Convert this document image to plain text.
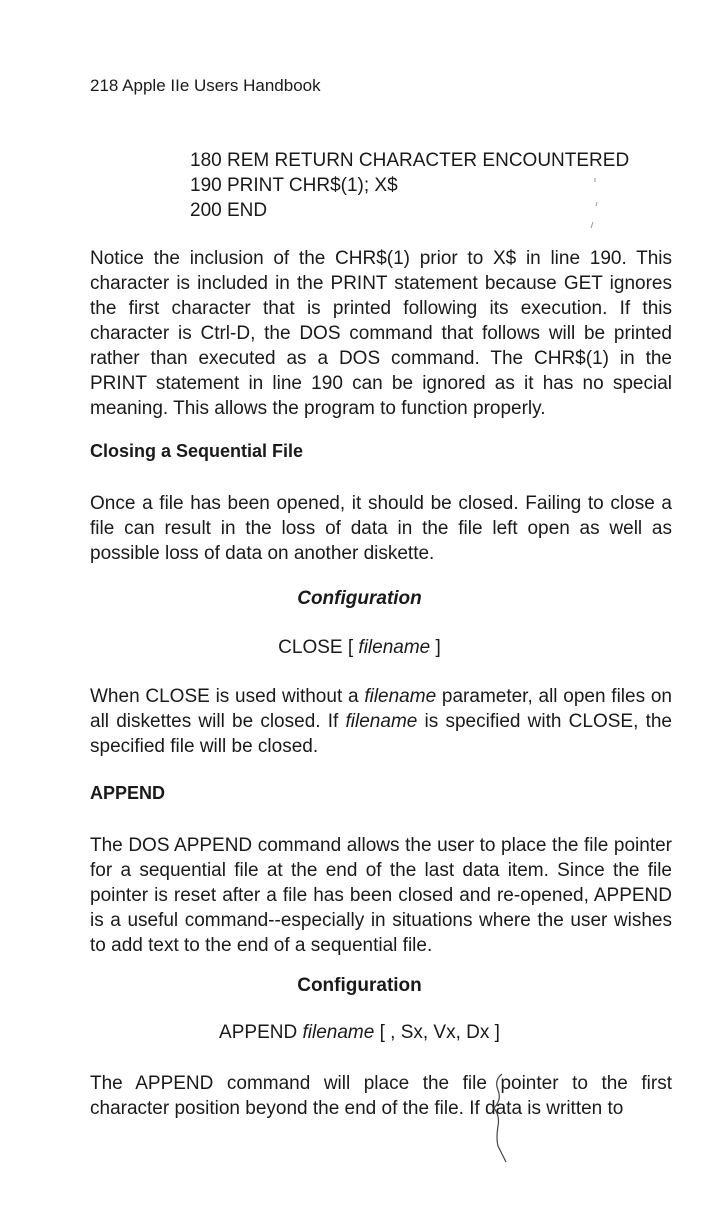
218 Apple IIe Users Handbook
180 REM RETURN CHARACTER ENCOUNTERED
190 PRINT CHR$(1); X$
200 END
Notice the inclusion of the CHR$(1) prior to X$ in line 190. This character is included in the PRINT statement because GET ignores the first character that is printed following its execution. If this character is Ctrl-D, the DOS command that follows will be printed rather than executed as a DOS command. The CHR$(1) in the PRINT statement in line 190 can be ignored as it has no special meaning. This allows the program to function properly.
Closing a Sequential File
Once a file has been opened, it should be closed. Failing to close a file can result in the loss of data in the file left open as well as possible loss of data on another diskette.
Configuration
CLOSE [ filename ]
When CLOSE is used without a filename parameter, all open files on all diskettes will be closed. If filename is specified with CLOSE, the specified file will be closed.
APPEND
The DOS APPEND command allows the user to place the file pointer for a sequential file at the end of the last data item. Since the file pointer is reset after a file has been closed and re-opened, APPEND is a useful command--especially in situations where the user wishes to add text to the end of a sequential file.
Configuration
APPEND filename [ , Sx, Vx, Dx ]
The APPEND command will place the file pointer to the first character position beyond the end of the file. If data is written to
